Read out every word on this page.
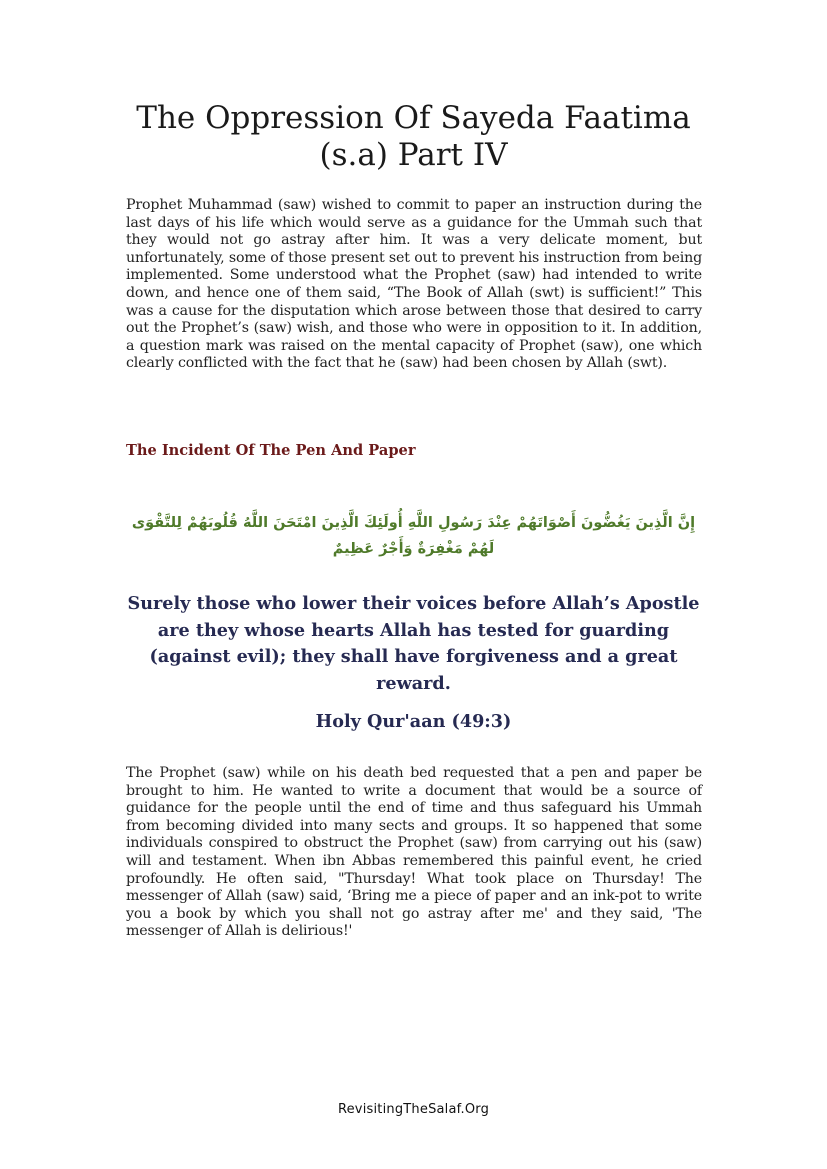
The Oppression Of Sayeda Faatima (s.a) Part IV

Prophet Muhammad (saw) wished to commit to paper an instruction during the last days of his life which would serve as a guidance for the Ummah such that they would not go astray after him. It was a very delicate moment, but unfortunately, some of those present set out to prevent his instruction from being implemented. Some understood what the Prophet (saw) had intended to write down, and hence one of them said, “The Book of Allah (swt) is sufficient!” This was a cause for the disputation which arose between those that desired to carry out the Prophet’s (saw) wish, and those who were in opposition to it. In addition, a question mark was raised on the mental capacity of Prophet (saw), one which clearly conflicted with the fact that he (saw) had been chosen by Allah (swt).

The Incident Of The Pen And Paper

إِنَّ الَّذِينَ يَغُضُّونَ أَصْوَاتَهُمْ عِنْدَ رَسُولِ اللَّهِ أُولَئِكَ الَّذِينَ امْتَحَنَ اللَّهُ قُلُوبَهُمْ لِلتَّقْوَى لَهُمْ مَغْفِرَةٌ وَأَجْرٌ عَظِيمٌ

Surely those who lower their voices before Allah’s Apostle are they whose hearts Allah has tested for guarding (against evil); they shall have forgiveness and a great reward.

Holy Qur'aan (49:3)

The Prophet (saw) while on his death bed requested that a pen and paper be brought to him. He wanted to write a document that would be a source of guidance for the people until the end of time and thus safeguard his Ummah from becoming divided into many sects and groups. It so happened that some individuals conspired to obstruct the Prophet (saw) from carrying out his (saw) will and testament. When ibn Abbas remembered this painful event, he cried profoundly. He often said, "Thursday! What took place on Thursday! The messenger of Allah (saw) said, ‘Bring me a piece of paper and an ink-pot to write you a book by which you shall not go astray after me' and they said, 'The messenger of Allah is delirious!'

RevisitingTheSalaf.Org
